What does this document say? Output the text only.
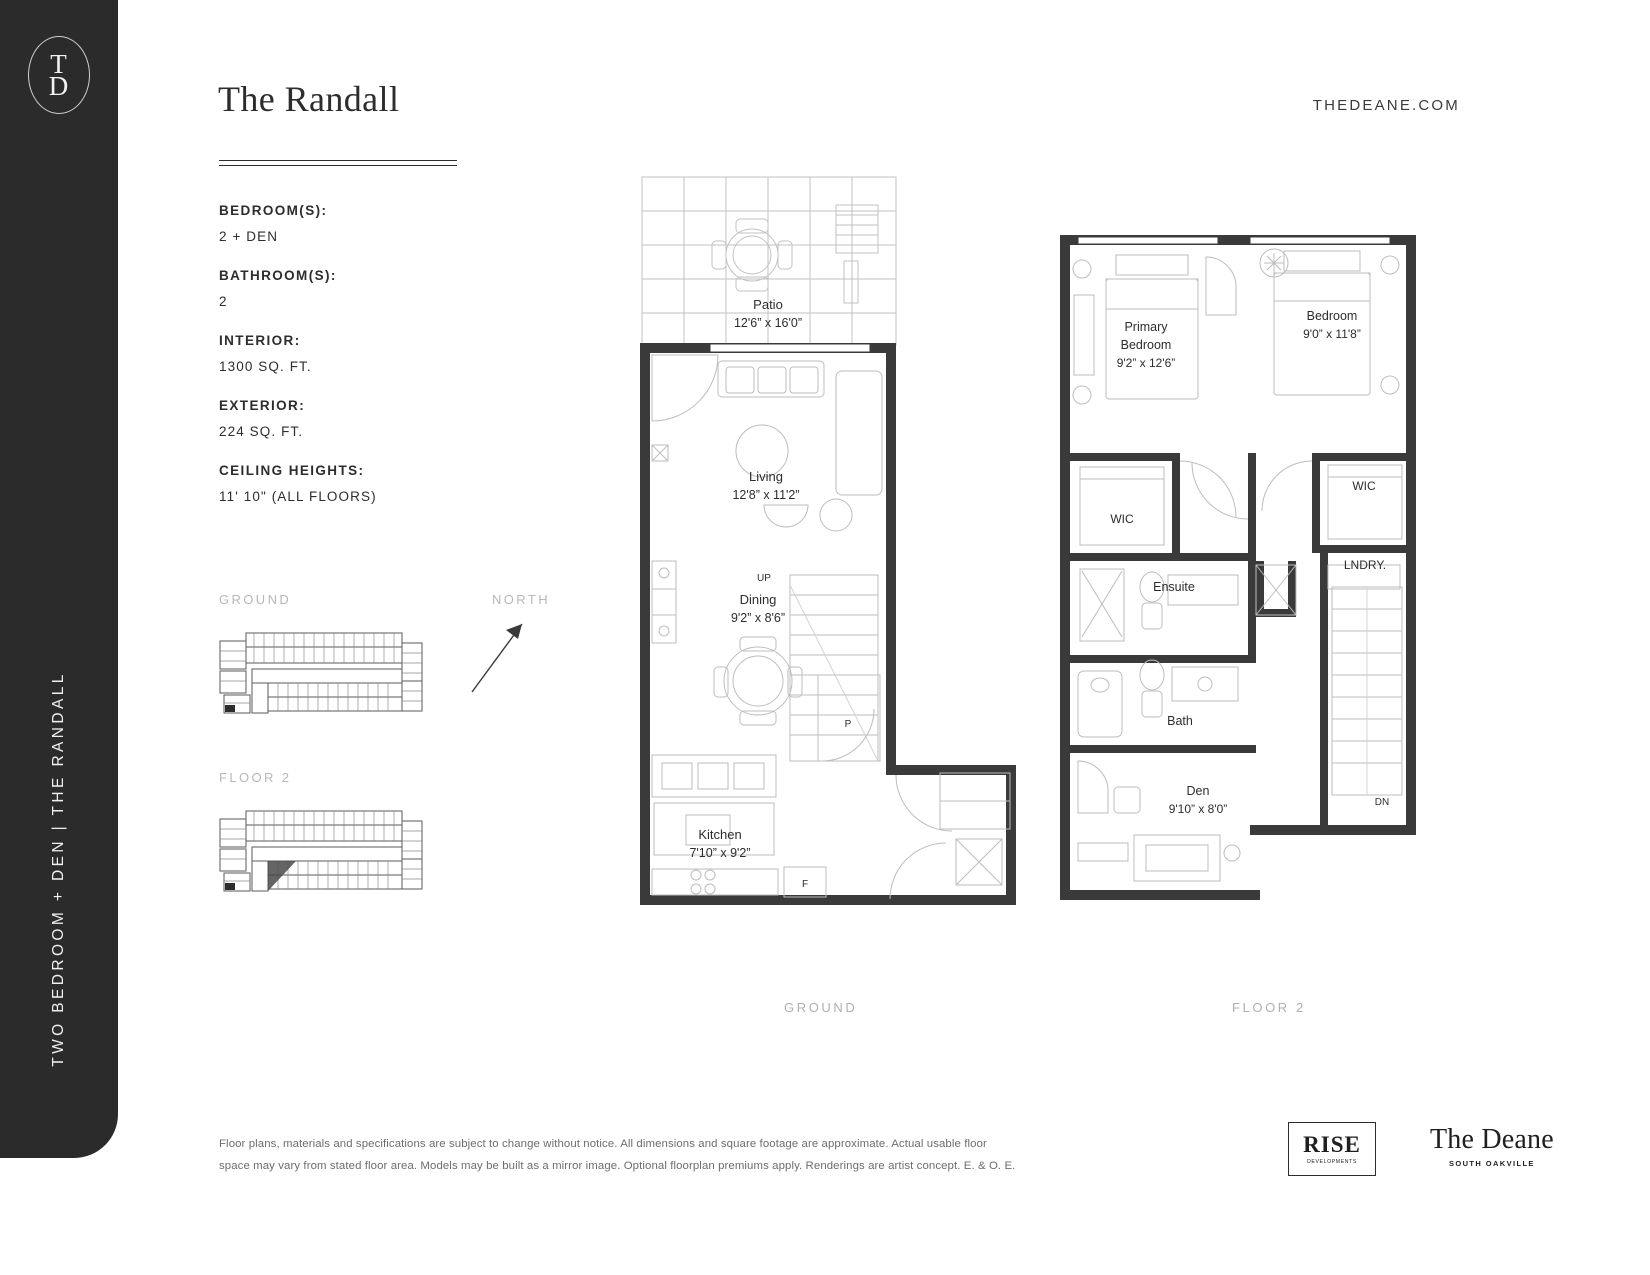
T
D
TWO BEDROOM + DEN | THE RANDALL
The Randall	THEDEANE.COM
BEDROOM(S):
2 + DEN
BATHROOM(S):
2
INTERIOR:
1300 SQ. FT.
EXTERIOR:
224 SQ. FT.
CEILING HEIGHTS:
11' 10" (ALL FLOORS)
GROUND
FLOOR 2
NORTH
TOP
TOP
Patio
12'6” x 16'0”
Living
12'8” x 11'2”
Dining
9'2” x 8'6”
Kitchen
7'10” x 9'2”
UP
P
F
Primary
Bedroom
9'2” x 12'6”
Bedroom
9'0” x 11'8”
WIC
WIC
LNDRY.
Ensuite
Bath
Den
9'10” x 8'0”	DN
GROUND	FLOOR 2
Floor plans, materials and specifications are subject to change without notice. All dimensions and square footage are approximate. Actual usable floor
space may vary from stated floor area. Models may be built as a mirror image. Optional floorplan premiums apply. Renderings are artist concept. E. & O. E.
RISE
DEVELOPMENTS
The Deane
SOUTH OAKVILLE
